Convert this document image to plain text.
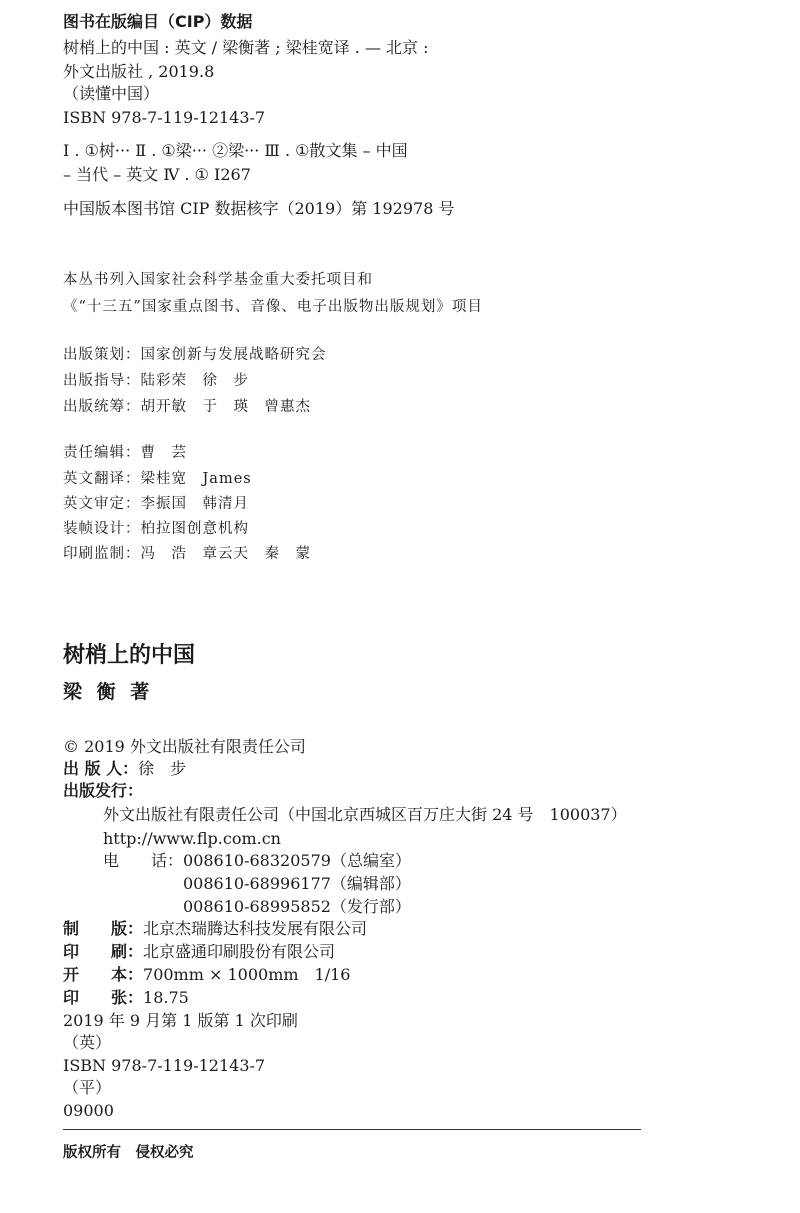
图书在版编目（CIP）数据
树梢上的中国 : 英文 / 梁衡著 ; 梁桂宽译 . — 北京 :
外文出版社 , 2019.8
（读懂中国）
ISBN 978-7-119-12143-7
Ⅰ . ①树··· Ⅱ . ①梁··· ②梁··· Ⅲ . ①散文集 – 中国
– 当代 – 英文 Ⅳ . ① I267
中国版本图书馆 CIP 数据核字（2019）第 192978 号
本丛书列入国家社会科学基金重大委托项目和
《“十三五”国家重点图书、音像、电子出版物出版规划》项目
出版策划：国家创新与发展战略研究会
出版指导：陆彩荣　徐　步
出版统筹：胡开敏　于　瑛　曾惠杰
责任编辑：曹　芸
英文翻译：梁桂宽　James
英文审定：李振国　韩清月
装帧设计：柏拉图创意机构
印刷监制：冯　浩　章云天　秦　蒙
树梢上的中国
梁 衡 著
© 2019 外文出版社有限责任公司
出 版 人：徐　步
出版发行：
外文出版社有限责任公司（中国北京西城区百万庄大街 24 号　100037）
http://www.flp.com.cn
电　　话：008610-68320579（总编室）
008610-68996177（编辑部）
008610-68995852（发行部）
制　　版：北京杰瑞腾达科技发展有限公司
印　　刷：北京盛通印刷股份有限公司
开　　本：700mm × 1000mm　1/16
印　　张：18.75
2019 年 9 月第 1 版第 1 次印刷
（英）
ISBN 978-7-119-12143-7
（平）
09000
版权所有　侵权必究
